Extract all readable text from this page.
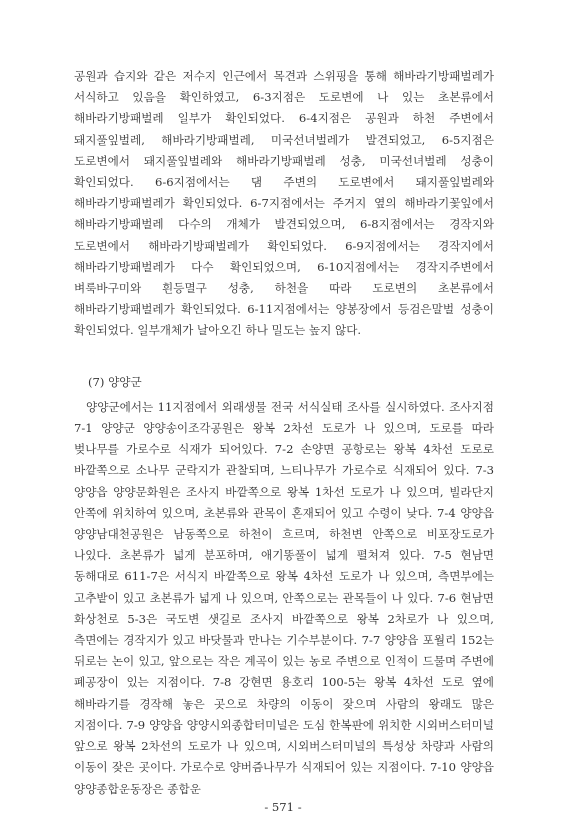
공원과 습지와 같은 저수지 인근에서 목견과 스위핑을 통해 해바라기방패벌레가 서식하고 있음을 확인하였고, 6-3지점은 도로변에 나 있는 초본류에서 해바라기방패벌레 일부가 확인되었다. 6-4지점은 공원과 하천 주변에서 돼지풀잎벌레, 해바라기방패벌레, 미국선녀벌레가 발견되었고, 6-5지점은 도로변에서 돼지풀잎벌레와 해바라기방패벌레 성충, 미국선녀벌레 성충이 확인되었다. 6-6지점에서는 댐 주변의 도로변에서 돼지풀잎벌레와 해바라기방패벌레가 확인되었다. 6-7지점에서는 주거지 옆의 해바라기꽃잎에서 해바라기방패벌레 다수의 개체가 발견되었으며, 6-8지점에서는 경작지와 도로변에서 해바라기방패벌레가 확인되었다. 6-9지점에서는 경작지에서 해바라기방패벌레가 다수 확인되었으며, 6-10지점에서는 경작지주변에서 벼룩바구미와 흰등멸구 성충, 하천을 따라 도로변의 초본류에서 해바라기방패벌레가 확인되었다. 6-11지점에서는 양봉장에서 등검은말벌 성충이 확인되었다. 일부개체가 날아오긴 하나 밀도는 높지 않다.

(7) 양양군

양양군에서는 11지점에서 외래생물 전국 서식실태 조사를 실시하였다. 조사지점 7-1 양양군 양양송이조각공원은 왕복 2차선 도로가 나 있으며, 도로를 따라 벚나무를 가로수로 식재가 되어있다. 7-2 손양면 공항로는 왕복 4차선 도로로 바깥쪽으로 소나무 군락지가 관찰되며, 느티나무가 가로수로 식재되어 있다. 7-3 양양읍 양양문화원은 조사지 바깥쪽으로 왕복 1차선 도로가 나 있으며, 빌라단지 안쪽에 위치하여 있으며, 초본류와 관목이 혼재되어 있고 수령이 낮다. 7-4 양양읍 양양남대천공원은 남동쪽으로 하천이 흐르며, 하천변 안쪽으로 비포장도로가 나있다. 초본류가 넓게 분포하며, 애기똥풀이 넓게 펼쳐져 있다. 7-5 현남면 동해대로 611-7은 서식지 바깥쪽으로 왕복 4차선 도로가 나 있으며, 측면부에는 고추밭이 있고 초본류가 넓게 나 있으며, 안쪽으로는 관목들이 나 있다. 7-6 현남면 화상천로 5-3은 국도변 샛길로 조사지 바깥쪽으로 왕복 2차로가 나 있으며, 측면에는 경작지가 있고 바닷물과 만나는 기수부분이다. 7-7 양양읍 포월리 152는 뒤로는 논이 있고, 앞으로는 작은 계곡이 있는 농로 주변으로 인적이 드물며 주변에 폐공장이 있는 지점이다. 7-8 강현면 용호리 100-5는 왕복 4차선 도로 옆에 해바라기를 경작해 놓은 곳으로 차량의 이동이 잦으며 사람의 왕래도 많은 지점이다. 7-9 양양읍 양양시외종합터미널은 도심 한복판에 위치한 시외버스터미널 앞으로 왕복 2차선의 도로가 나 있으며, 시외버스터미널의 특성상 차량과 사람의 이동이 잦은 곳이다. 가로수로 양버즘나무가 식재되어 있는 지점이다. 7-10 양양읍 양양종합운동장은 종합운

- 571 -
